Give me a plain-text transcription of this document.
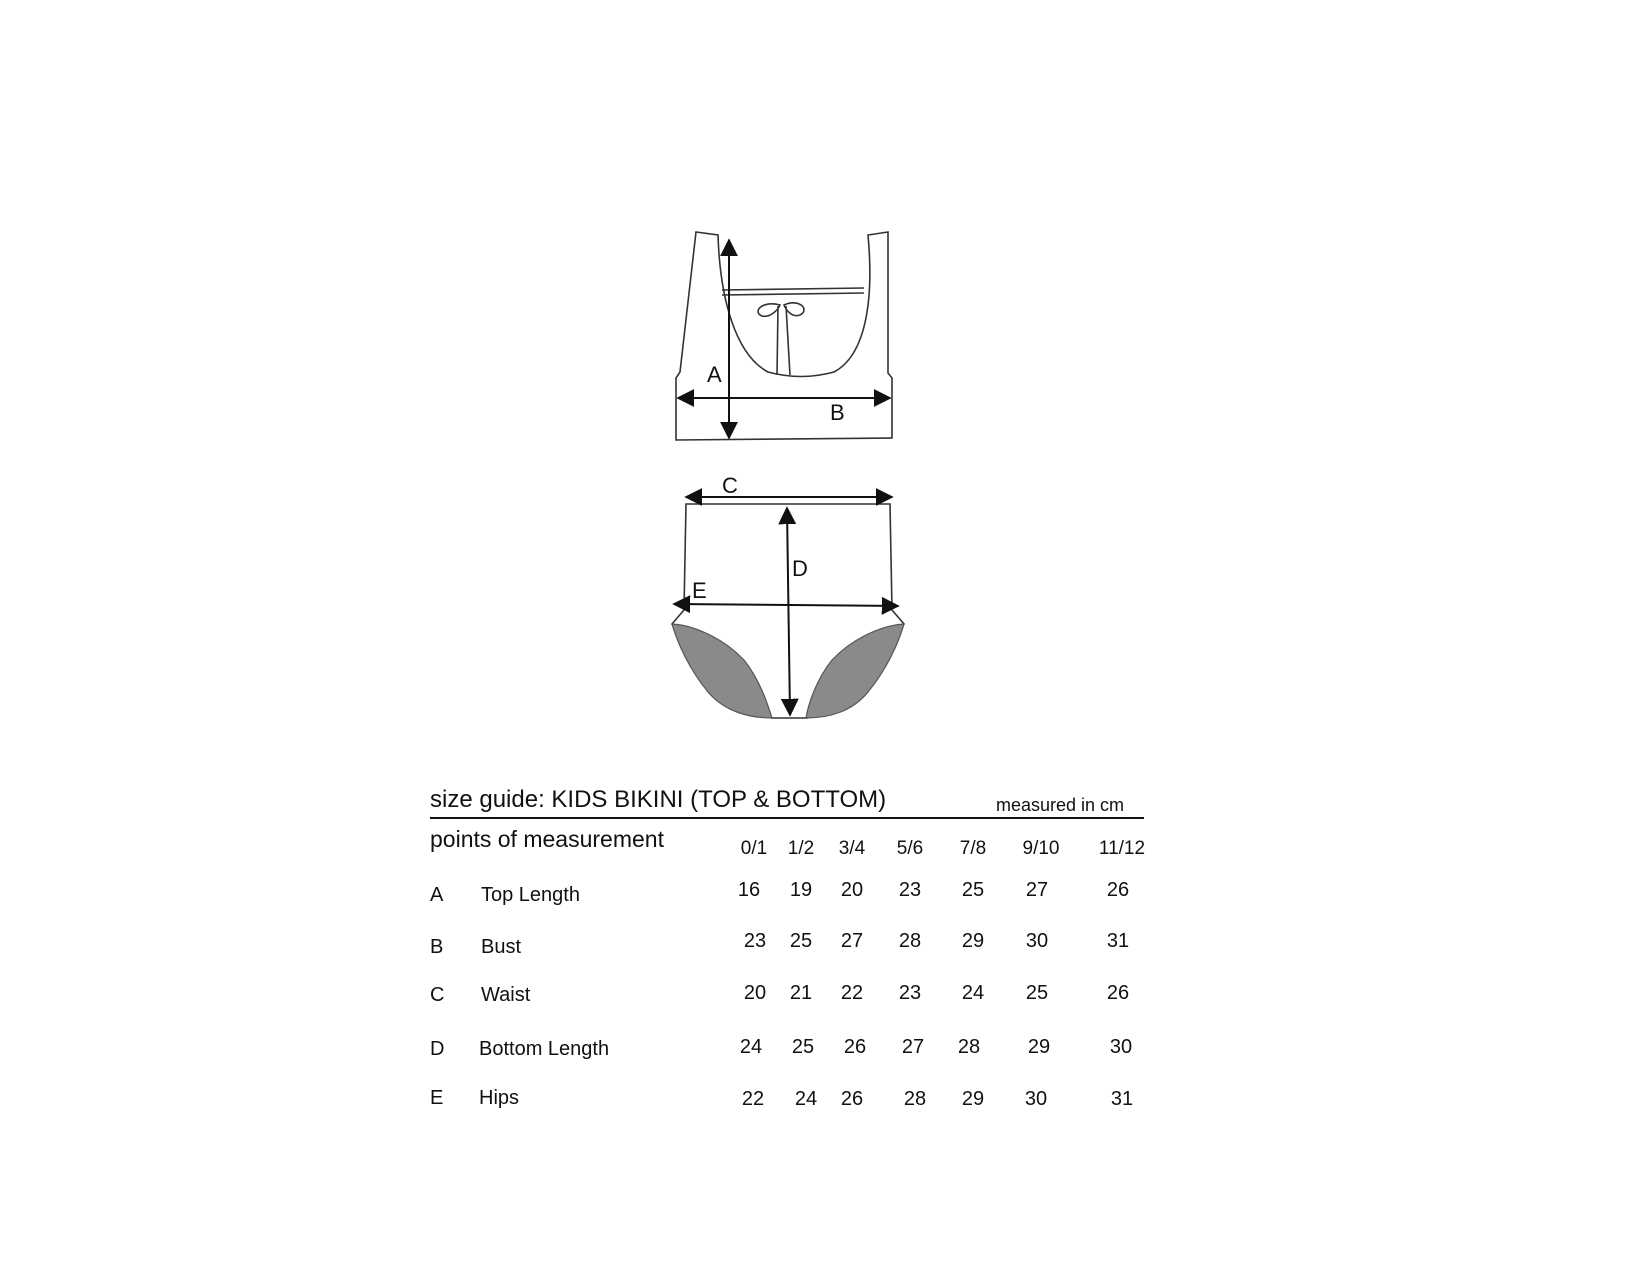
A
B
C
D
E
size guide: KIDS BIKINI (TOP & BOTTOM)	measured in cm
points of measurement	0/1 1/2 3/4 5/6 7/8 9/10 11/12
A Top Length	16 19 20 23 25 27	26
B Bust	23 25 27 28 29 30	31
C Waist	20 21 22 23 24 25	26
D Bottom Length	24 25 26 27 28 29	30
E Hips	22 24 26 28 29 30	31
